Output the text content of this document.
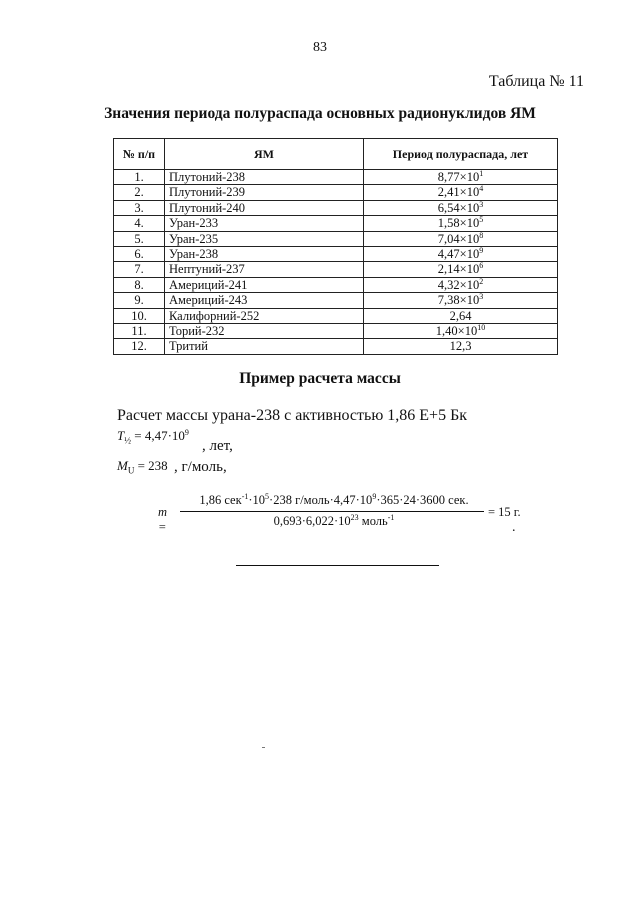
83
Таблица № 11
Значения периода полураспада основных радионуклидов ЯМ
№ п/п	ЯМ	Период полураспада, лет
1.	Плутоний-238	$8,77\times 10^1$
2.	Плутоний-239	$2,41\times 10^4$
3.	Плутоний-240	$6,54\times 10^3$
4.	Уран-233	$1,58\times 10^5$
5.	Уран-235	$7,04\times 10^8$
6.	Уран-238	$4,47\times 10^9$
7.	Нептуний-237	$2,14\times 10^6$
8.	Америций-241	$4,32\times 10^2$
9.	Америций-243	$7,38\times 10^3$
10.	Калифорний-252	2,64
11.	Торий-232	$1,40\times 10^{10}$
12.	Тритий	12,3
Пример расчета массы
Расчет массы урана-238 с активностью 1,86 Е+5 Бк
$T_{\frac{1}{2}} = 4,47\cdot 10^9$
, лет,
$M_U = 238$ , г/моль,
m =
1,86 $сек^{-1}\cdot 10^5\cdot 238$ $г/моль\cdot 4,47\cdot 10^9\cdot 365\cdot 24\cdot 3600$ сек.
$0,693\cdot 6,022\cdot 10^{23}$ моль$^{-1}$	= 15 г.
.
